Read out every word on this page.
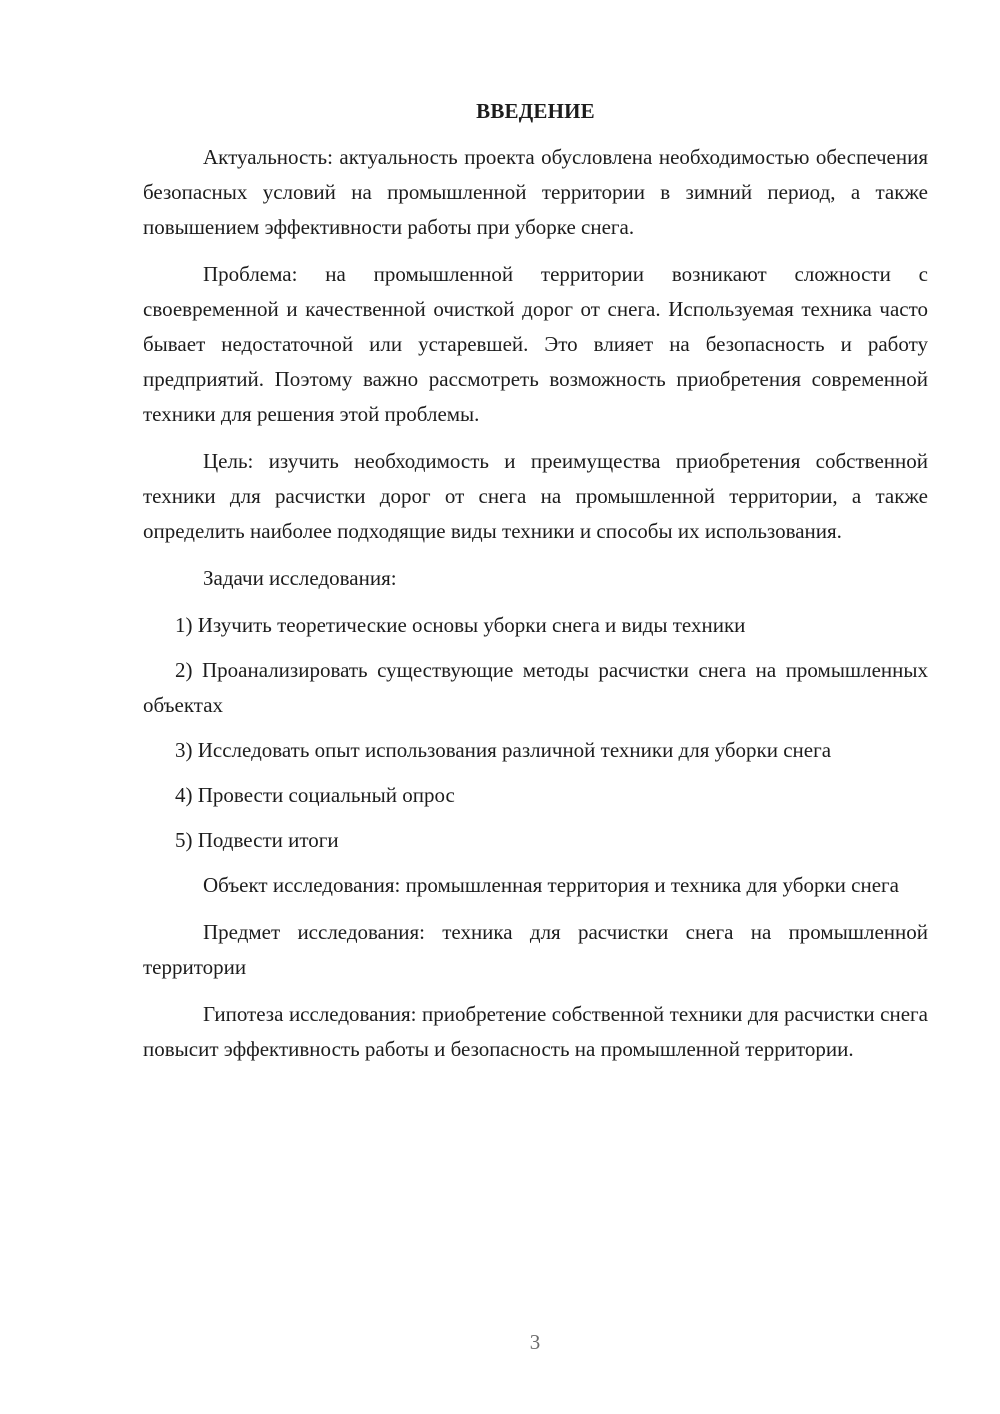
ВВЕДЕНИЕ

Актуальность: актуальность проекта обусловлена необходимостью обеспечения безопасных условий на промышленной территории в зимний период, а также повышением эффективности работы при уборке снега.

Проблема: на промышленной территории возникают сложности с своевременной и качественной очисткой дорог от снега. Используемая техника часто бывает недостаточной или устаревшей. Это влияет на безопасность и работу предприятий. Поэтому важно рассмотреть возможность приобретения современной техники для решения этой проблемы.

Цель: изучить необходимость и преимущества приобретения собственной техники для расчистки дорог от снега на промышленной территории, а также определить наиболее подходящие виды техники и способы их использования.

Задачи исследования:

1) Изучить теоретические основы уборки снега и виды техники

2) Проанализировать существующие методы расчистки снега на промышленных объектах

3) Исследовать опыт использования различной техники для уборки снега

4) Провести социальный опрос

5) Подвести итоги

Объект исследования: промышленная территория и техника для уборки снега

Предмет исследования: техника для расчистки снега на промышленной территории

Гипотеза исследования: приобретение собственной техники для расчистки снега повысит эффективность работы и безопасность на промышленной территории.

3
